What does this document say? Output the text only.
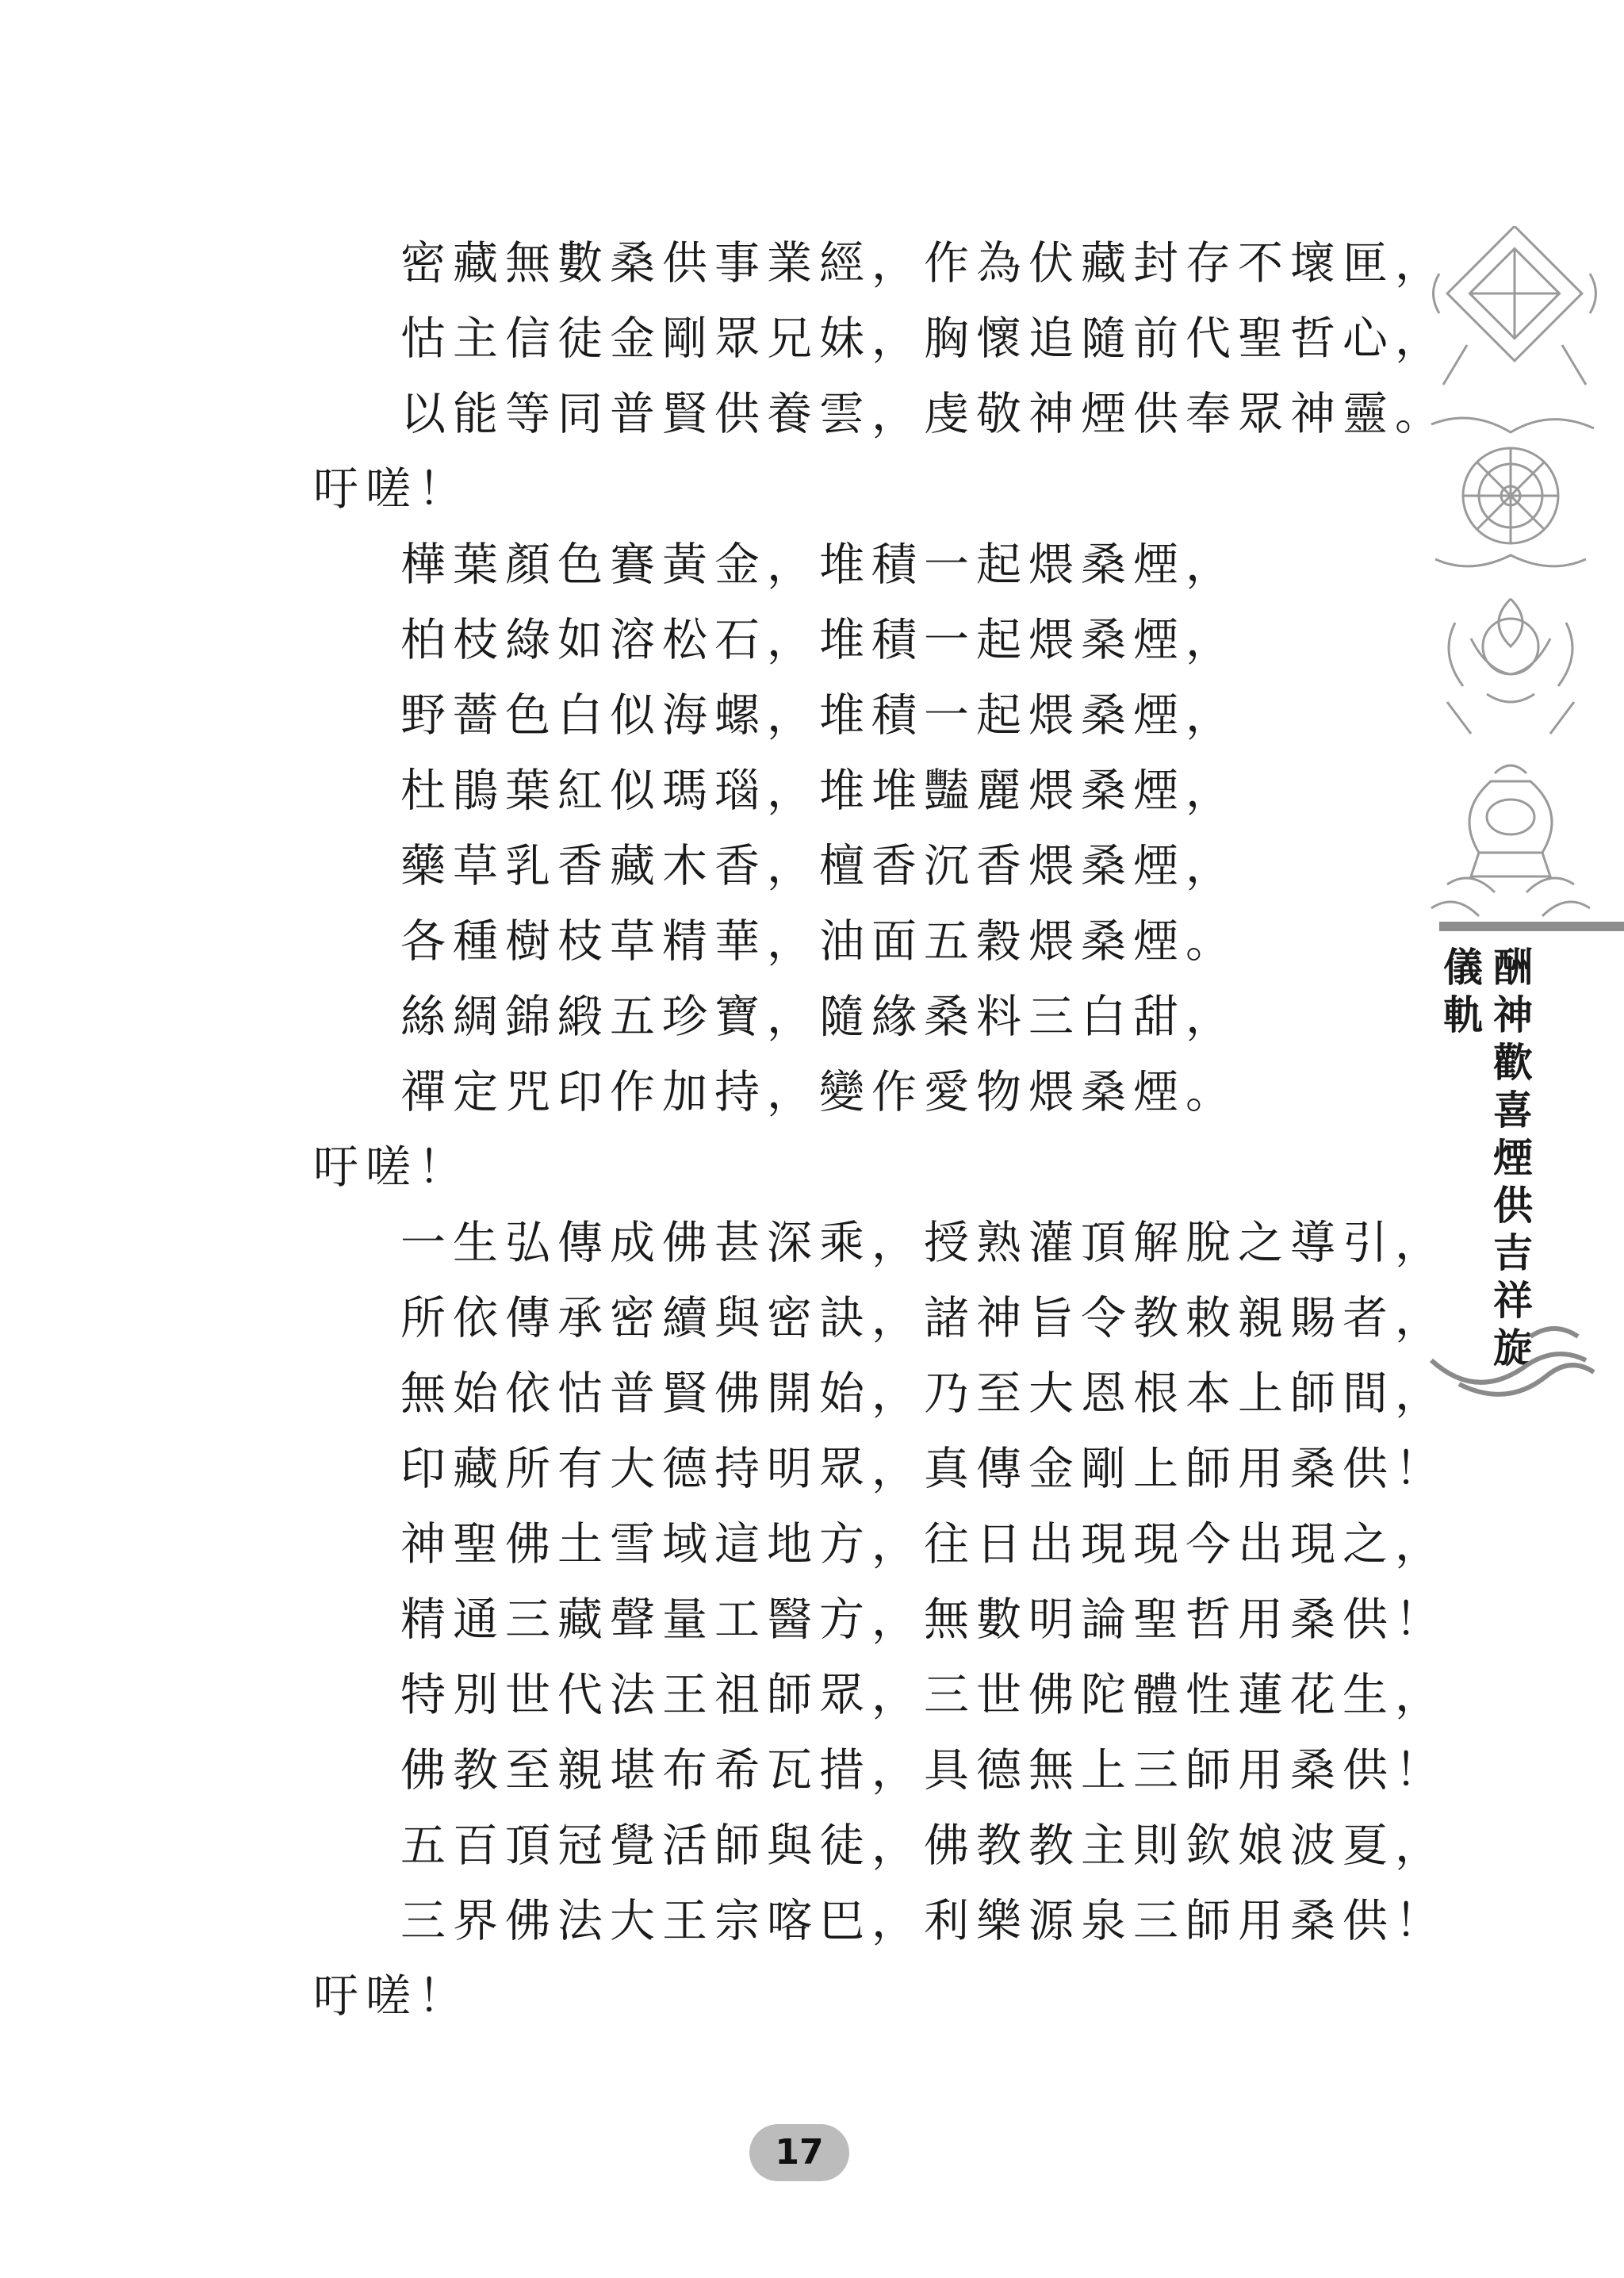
密藏無數桑供事業經，作為伏藏封存不壞匣，
怙主信徒金剛眾兄妹，胸懷追隨前代聖哲心，
以能等同普賢供養雲，虔敬神煙供奉眾神靈。
吁嗟！
樺葉顏色賽黃金，堆積一起煨桑煙，
柏枝綠如溶松石，堆積一起煨桑煙，
野薔色白似海螺，堆積一起煨桑煙，
杜鵑葉紅似瑪瑙，堆堆豔麗煨桑煙，
藥草乳香藏木香，檀香沉香煨桑煙，
各種樹枝草精華，油面五穀煨桑煙。
絲綢錦緞五珍寶，隨緣桑料三白甜，
禪定咒印作加持，變作愛物煨桑煙。
吁嗟！
一生弘傳成佛甚深乘，授熟灌頂解脫之導引，
所依傳承密續與密訣，諸神旨令教敕親賜者，
無始依怙普賢佛開始，乃至大恩根本上師間，
印藏所有大德持明眾，真傳金剛上師用桑供！
神聖佛土雪域這地方，往日出現現今出現之，
精通三藏聲量工醫方，無數明論聖哲用桑供！
特別世代法王祖師眾，三世佛陀體性蓮花生，
佛教至親堪布希瓦措，具德無上三師用桑供！
五百頂冠覺活師與徒，佛教教主則欽娘波夏，
三界佛法大王宗喀巴，利樂源泉三師用桑供！
吁嗟！
儀
軌
酬
神
歡
喜
煙
供
吉
祥
旋
17
